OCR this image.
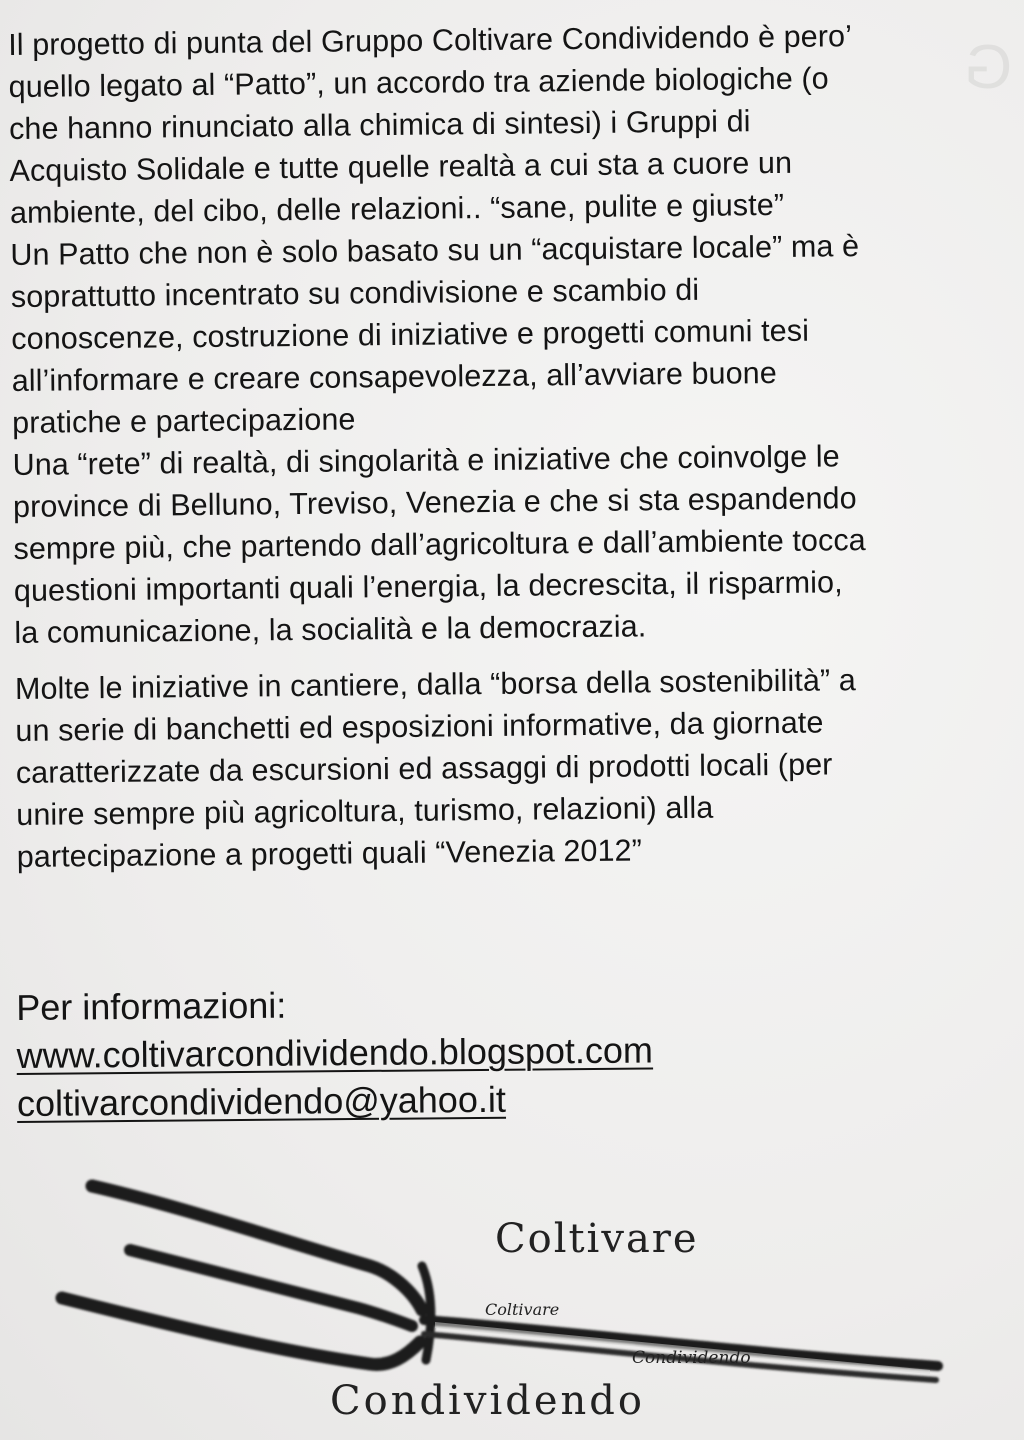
G

Il progetto di punta del Gruppo Coltivare Condividendo è pero’
quello legato al “Patto”, un accordo tra aziende biologiche (o
che hanno rinunciato alla chimica di sintesi) i Gruppi di
Acquisto Solidale e tutte quelle realtà a cui sta a cuore un
ambiente, del cibo, delle relazioni.. “sane, pulite e giuste”
Un Patto che non è solo basato su un “acquistare locale” ma è
soprattutto incentrato su condivisione e scambio di
conoscenze, costruzione di iniziative e progetti comuni tesi
all’informare e creare consapevolezza, all’avviare buone
pratiche e partecipazione

Una “rete” di realtà, di singolarità e iniziative che coinvolge le
province di Belluno, Treviso, Venezia e che si sta espandendo
sempre più, che partendo dall’agricoltura e dall’ambiente tocca
questioni importanti quali l’energia, la decrescita, il risparmio,
la comunicazione, la socialità e la democrazia.

Molte le iniziative in cantiere, dalla “borsa della sostenibilità” a
un serie di banchetti ed esposizioni informative, da giornate
caratterizzate da escursioni ed assaggi di prodotti locali (per
unire sempre più agricoltura, turismo, relazioni) alla
partecipazione a progetti quali “Venezia 2012”

Per informazioni:
www.coltivarcondividendo.blogspot.com
coltivarcondividendo@yahoo.it
Coltivare
Coltivare
Condividendo
Condividendo
